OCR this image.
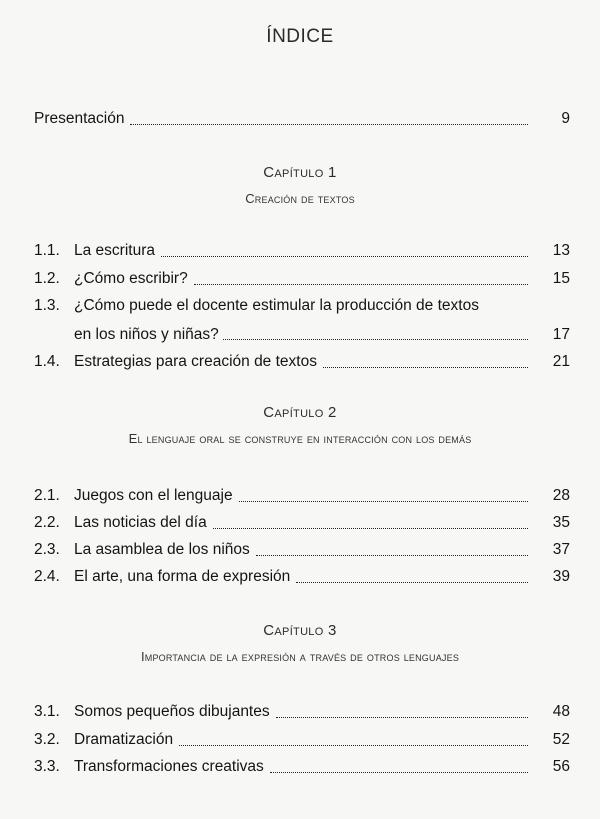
ÍNDICE
Presentación	9
Capítulo 1
Creación de textos
1.1. La escritura	13
1.2. ¿Cómo escribir?	15
1.3. ¿Cómo puede el docente estimular la producción de textos
en los niños y niñas?	17
1.4. Estrategias para creación de textos	21
Capítulo 2
El lenguaje oral se construye en interacción con los demás
2.1. Juegos con el lenguaje	28
2.2. Las noticias del día	35
2.3. La asamblea de los niños	37
2.4. El arte, una forma de expresión	39
Capítulo 3
Importancia de la expresión a través de otros lenguajes
3.1. Somos pequeños dibujantes	48
3.2. Dramatización	52
3.3. Transformaciones creativas	56
